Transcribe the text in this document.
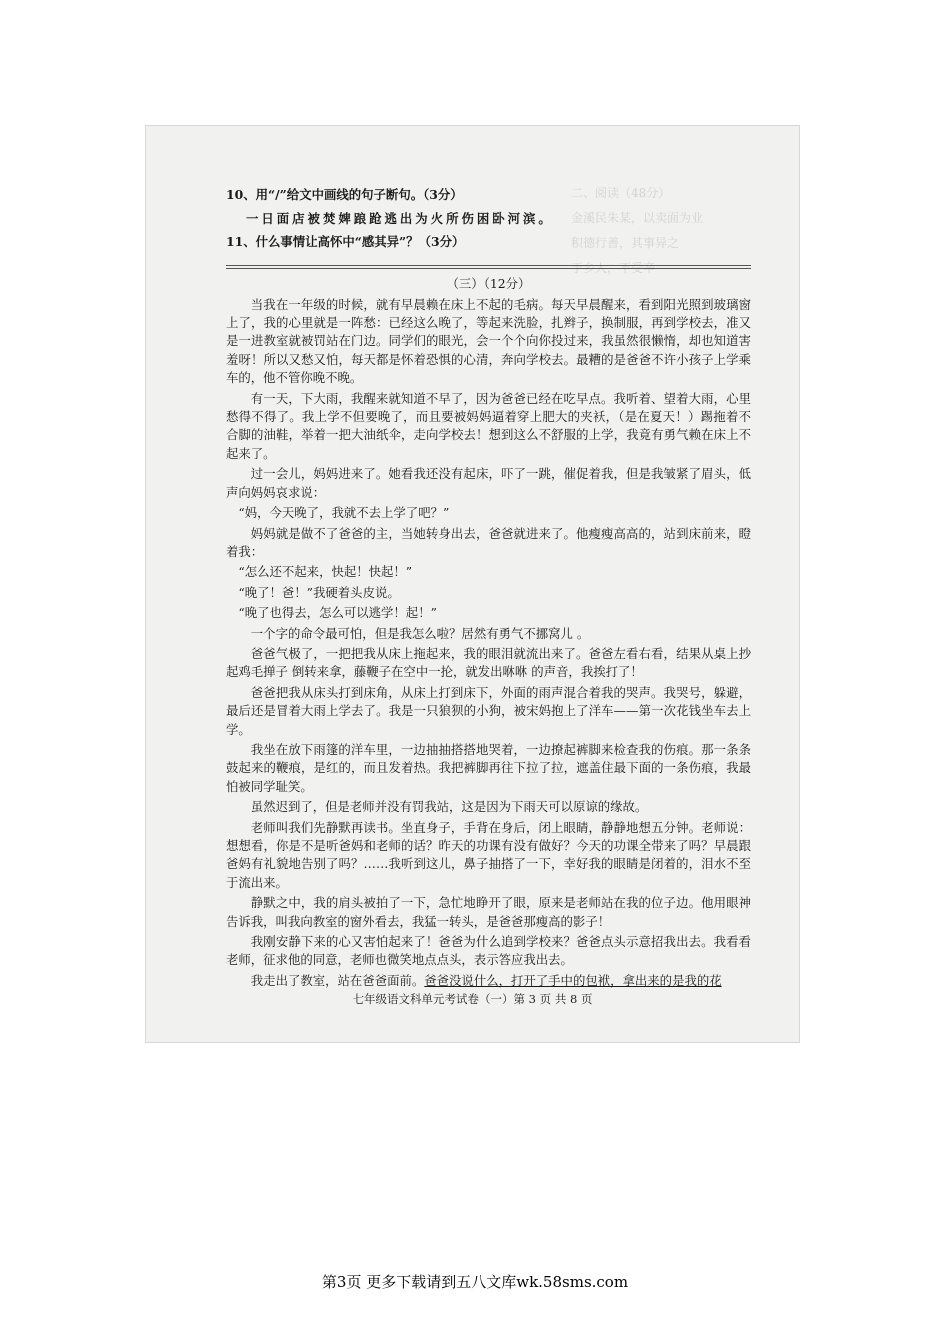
二、阅读（48分）
金溪民朱某，以卖面为业
积德行善，其事异之
于乡人，不受辛

10、用“/”给文中画线的句子断句。（3分）

一日面店被焚婢踉跄逃出为火所伤困卧河滨。

11、什么事情让高怀中“感其异”？（3分）

（三）（12分）

当我在一年级的时候，就有早晨赖在床上不起的毛病。每天早晨醒来，看到阳光照到玻璃窗上了，我的心里就是一阵愁：已经这么晚了，等起来洗脸，扎辫子，换制服，再到学校去，准又是一进教室就被罚站在门边。同学们的眼光，会一个个向你投过来，我虽然很懒惰，却也知道害羞呀！所以又愁又怕，每天都是怀着恐惧的心清，奔向学校去。最糟的是爸爸不许小孩子上学乘车的，他不管你晚不晚。

有一天，下大雨，我醒来就知道不早了，因为爸爸已经在吃早点。我听着、望着大雨，心里愁得不得了。我上学不但要晚了，而且要被妈妈逼着穿上肥大的夹袄，（是在夏天！）踢拖着不合脚的油鞋，举着一把大油纸伞，走向学校去！想到这么不舒服的上学，我竟有勇气赖在床上不起来了。

过一会儿，妈妈进来了。她看我还没有起床，吓了一跳，催促着我，但是我皱紧了眉头，低声向妈妈哀求说：

“妈，今天晚了，我就不去上学了吧？”

妈妈就是做不了爸爸的主，当她转身出去，爸爸就进来了。他瘦瘦高高的，站到床前来，瞪着我：

“怎么还不起来，快起！快起！”

“晚了！爸！”我硬着头皮说。

“晚了也得去，怎么可以逃学！起！”

一个字的命令最可怕，但是我怎么啦？居然有勇气不挪窝儿 。

爸爸气极了，一把把我从床上拖起来，我的眼泪就流出来了。爸爸左看右看，结果从桌上抄起鸡毛掸子 倒转来拿，藤鞭子在空中一抡，就发出咻咻 的声音，我挨打了！

爸爸把我从床头打到床角，从床上打到床下，外面的雨声混合着我的哭声。我哭号，躲避，最后还是冒着大雨上学去了。我是一只狼狈的小狗，被宋妈抱上了洋车——第一次花钱坐车去上学。

我坐在放下雨篷的洋车里，一边抽抽搭搭地哭着，一边撩起裤脚来检查我的伤痕。那一条条鼓起来的鞭痕，是红的，而且发着热。我把裤脚再往下拉了拉，遮盖住最下面的一条伤痕，我最怕被同学耻笑。

虽然迟到了，但是老师并没有罚我站，这是因为下雨天可以原谅的缘故。

老师叫我们先静默再读书。坐直身子，手背在身后，闭上眼睛，静静地想五分钟。老师说：想想看，你是不是听爸妈和老师的话？昨天的功课有没有做好？今天的功课全带来了吗？早晨跟爸妈有礼貌地告别了吗？……我听到这儿，鼻子抽搭了一下，幸好我的眼睛是闭着的，泪水不至于流出来。

静默之中，我的肩头被拍了一下，急忙地睁开了眼，原来是老师站在我的位子边。他用眼神告诉我，叫我向教室的窗外看去，我猛一转头，是爸爸那瘦高的影子！

我刚安静下来的心又害怕起来了！爸爸为什么追到学校来？爸爸点头示意招我出去。我看看老师，征求他的同意，老师也微笑地点点头，表示答应我出去。

我走出了教室，站在爸爸面前。爸爸没说什么，打开了手中的包袱，拿出来的是我的花

七年级语文科单元考试卷（一）第 3 页 共 8 页
第3页 更多下载请到五八文库wk.58sms.com
